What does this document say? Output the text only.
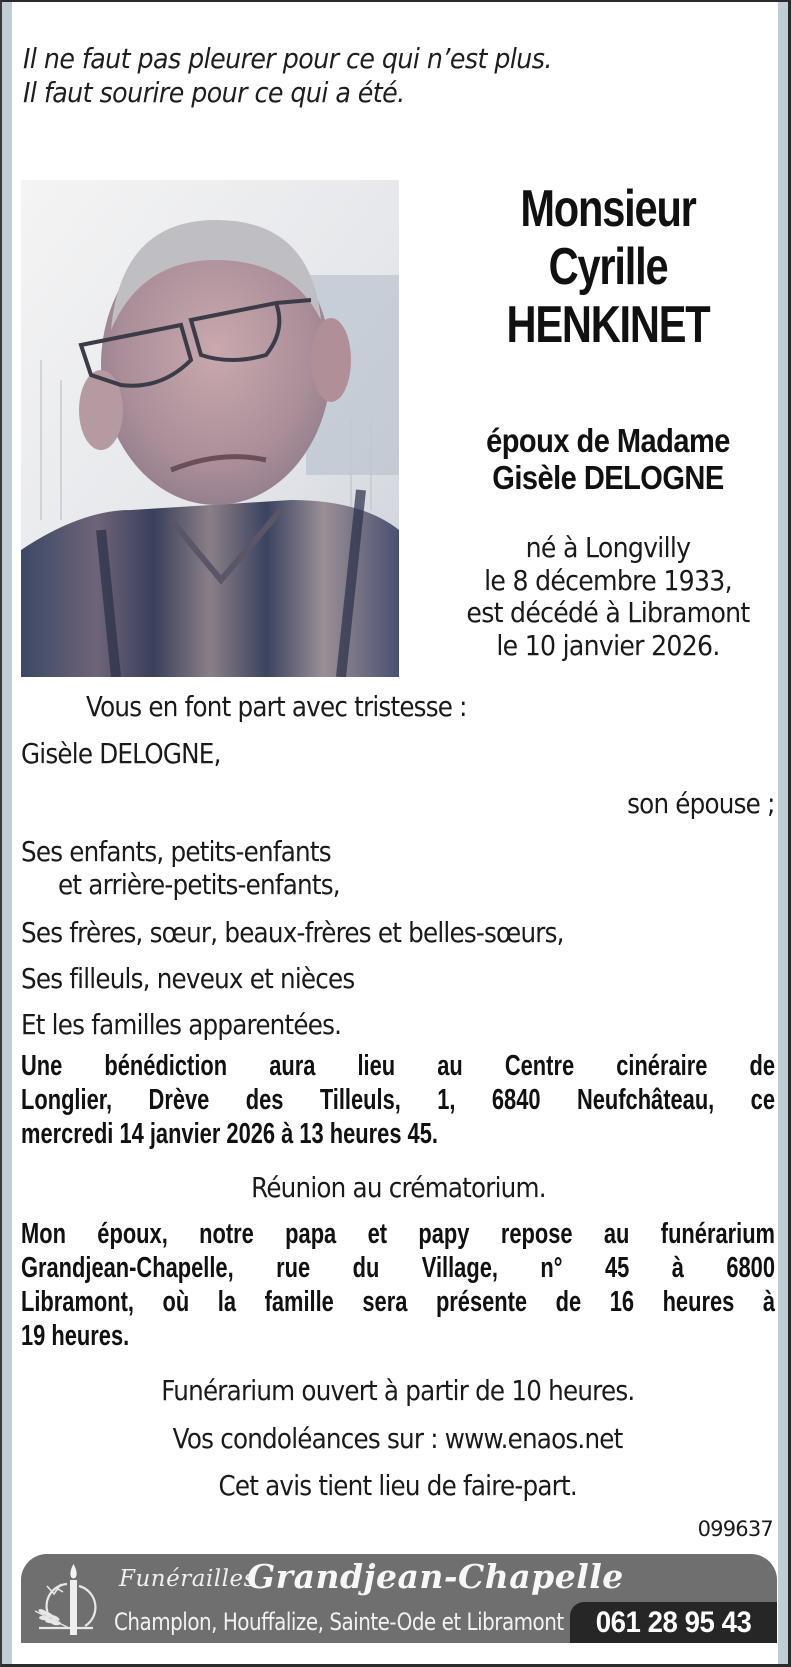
Il ne faut pas pleurer pour ce qui n’est plus.
Il faut sourire pour ce qui a été.
Monsieur
Cyrille
HENKINET
époux de Madame
Gisèle DELOGNE
né à Longvilly
le 8 décembre 1933,
est décédé à Libramont
le 10 janvier 2026.
Vous en font part avec tristesse :
Gisèle DELOGNE,
son épouse ;
Ses enfants, petits-enfants
et arrière-petits-enfants,
Ses frères, sœur, beaux-frères et belles-sœurs,
Ses filleuls, neveux et nièces
Et les familles apparentées.
Une bénédiction aura lieu au Centre cinéraire de
Longlier, Drève des Tilleuls, 1, 6840 Neufchâteau, ce
mercredi 14 janvier 2026 à 13 heures 45.
Réunion au crématorium.
Mon époux, notre papa et papy repose au funérarium
Grandjean-Chapelle, rue du Village, n° 45 à 6800
Libramont, où la famille sera présente de 16 heures à
19 heures.
Funérarium ouvert à partir de 10 heures.
Vos condoléances sur : www.enaos.net
Cet avis tient lieu de faire-part.
099637
Funérailles
Grandjean-Chapelle
Champlon, Houffalize, Sainte-Ode et Libramont 061 28 95 43
